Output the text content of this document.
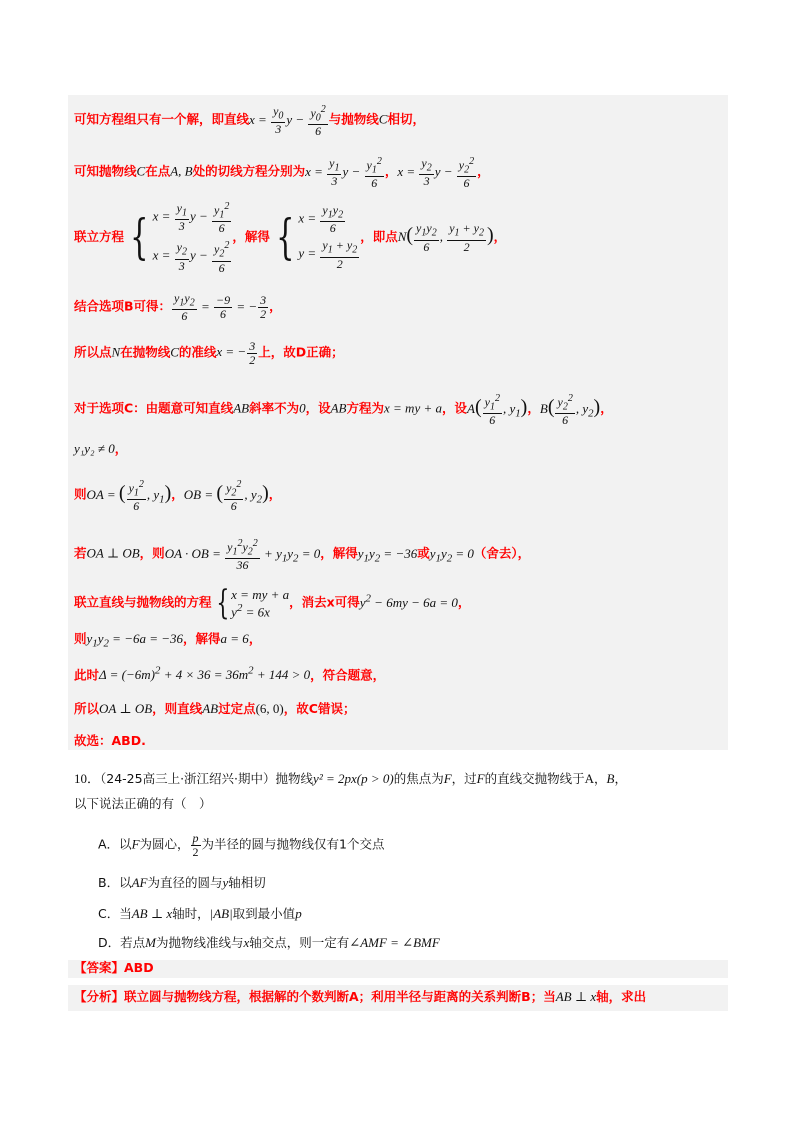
可知方程组只有一个解，即直线$x = \frac{y_0}{3}$ $y - \frac{y_0^2}{6}$ 与抛物线C相切，
可知抛物线C在点A, B处的切线方程分别为$x = \frac{y_1}{3}$ $y - \frac{y_1^2}{6}$ ，$x = \frac{y_2}{3}$ $y - \frac{y_2^2}{6}$ ，
联立方程 { $x = \frac{y_1}{3}$ $y - \frac{y_1^2}{6}$
$x = \frac{y_2}{3}$ $y - \frac{y_2^2}{6}$
，解得 { $x = \frac{y_1y_2}{6}$
$y = \frac{y_1 + y_2}{2}$
，即点$N( \frac{y_1y_2}{6}$ , $\frac{y_1 + y_2}{2}$ )，
结合选项B可得： $\frac{y_1y_2}{6} = \frac{-9}{6}$ = − $\frac{3}{2}$ ，
所以点N在抛物线C的准线x = − $\frac{3}{2}$ 上，故D正确；
对于选项C：由题意可知直线AB斜率不为0，设AB方程为x = my + a，设$A( \frac{y_1^2}{6}$ , $y_1$)，$B( \frac{y_2^2}{6}$ , $y_2$)，
y₁y₂ ≠ 0，
则OA = ( $\frac{y_1^2}{6}$ , $y_1$)，OB = ( $\frac{y_2^2}{6}$ , $y_2$)，
若OA ⊥ OB，则OA · OB = $\frac{y_1^2y_2^2}{36} + y_1y_2 = 0$，解得$y_1y_2 = -36$或$y_1y_2 = 0$（舍去），
联立直线与抛物线的方程 { x = my + a
$y^2 = 6x$
，消去x可得$y^2 - 6my - 6a = 0$，
则$y_1y_2 = -6a = -36$，解得a = 6，
此时$\Delta = (-6m)^2 + 4 \times 36 = 36m^2 + 144 > 0$，符合题意，
所以OA ⊥ OB，则直线AB过定点(6, 0)，故C错误；
故选：ABD.
10．（24-25高三上·浙江绍兴·期中）抛物线y² = 2px(p > 0)的焦点为F，过F的直线交抛物线于A，B，
以下说法正确的有（　）
A．以F为圆心， $\frac{p}{2}$ 为半径的圆与抛物线仅有1个交点
B．以AF为直径的圆与y轴相切
C．当AB ⊥ x轴时，|AB|取到最小值p
D．若点M为抛物线准线与x轴交点，则一定有∠AMF = ∠BMF
【答案】ABD
【分析】联立圆与抛物线方程，根据解的个数判断A；利用半径与距离的关系判断B；当AB ⊥ x轴，求出
